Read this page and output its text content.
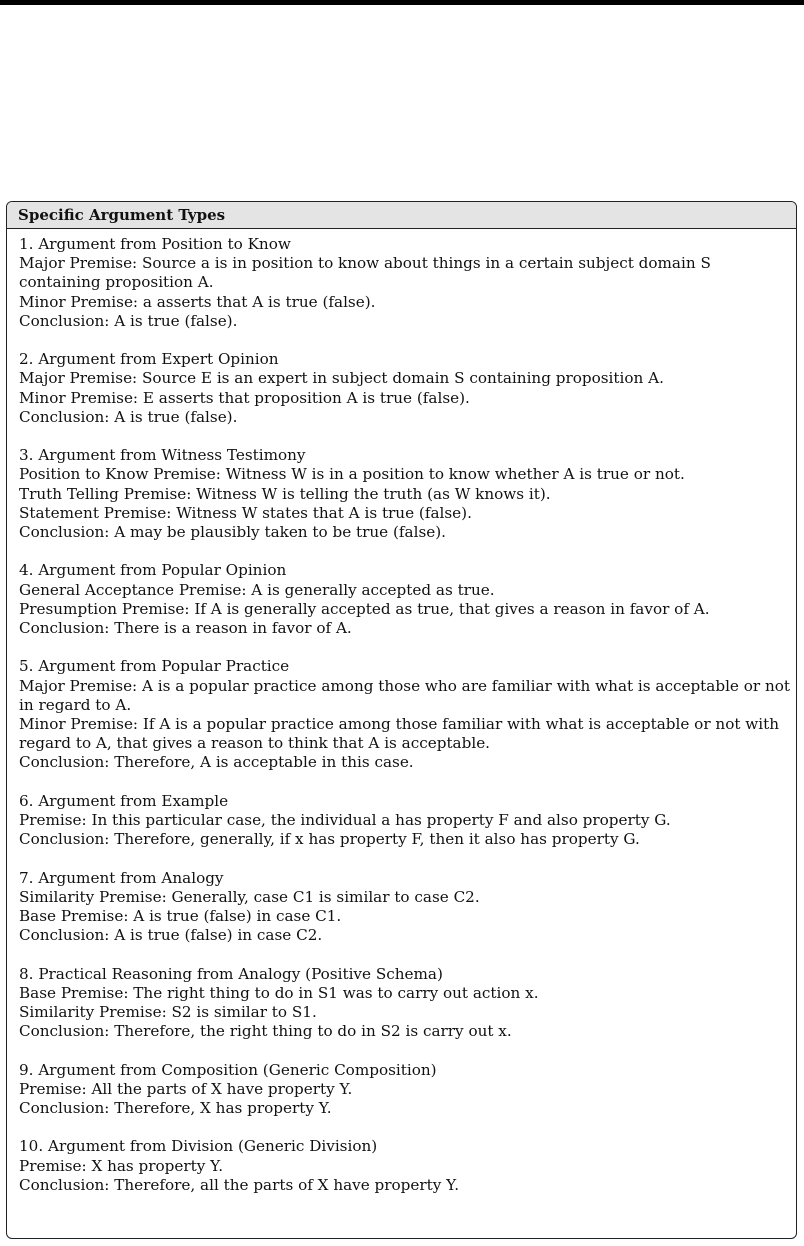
Specific Argument Types

1. Argument from Position to Know

Major Premise: Source a is in position to know about things in a certain subject domain S containing proposition A.

Minor Premise: a asserts that A is true (false).

Conclusion: A is true (false).

2. Argument from Expert Opinion

Major Premise: Source E is an expert in subject domain S containing proposition A.

Minor Premise: E asserts that proposition A is true (false).

Conclusion: A is true (false).

3. Argument from Witness Testimony

Position to Know Premise: Witness W is in a position to know whether A is true or not.

Truth Telling Premise: Witness W is telling the truth (as W knows it).

Statement Premise: Witness W states that A is true (false).

Conclusion: A may be plausibly taken to be true (false).

4. Argument from Popular Opinion

General Acceptance Premise: A is generally accepted as true.

Presumption Premise: If A is generally accepted as true, that gives a reason in favor of A.

Conclusion: There is a reason in favor of A.

5. Argument from Popular Practice

Major Premise: A is a popular practice among those who are familiar with what is acceptable or not in regard to A.

Minor Premise: If A is a popular practice among those familiar with what is acceptable or not with regard to A, that gives a reason to think that A is acceptable.

Conclusion: Therefore, A is acceptable in this case.

6. Argument from Example

Premise: In this particular case, the individual a has property F and also property G.

Conclusion: Therefore, generally, if x has property F, then it also has property G.

7. Argument from Analogy

Similarity Premise: Generally, case C1 is similar to case C2.

Base Premise: A is true (false) in case C1.

Conclusion: A is true (false) in case C2.

8. Practical Reasoning from Analogy (Positive Schema)

Base Premise: The right thing to do in S1 was to carry out action x.

Similarity Premise: S2 is similar to S1.

Conclusion: Therefore, the right thing to do in S2 is carry out x.

9. Argument from Composition (Generic Composition)

Premise: All the parts of X have property Y.

Conclusion: Therefore, X has property Y.

10. Argument from Division (Generic Division)

Premise: X has property Y.

Conclusion: Therefore, all the parts of X have property Y.
